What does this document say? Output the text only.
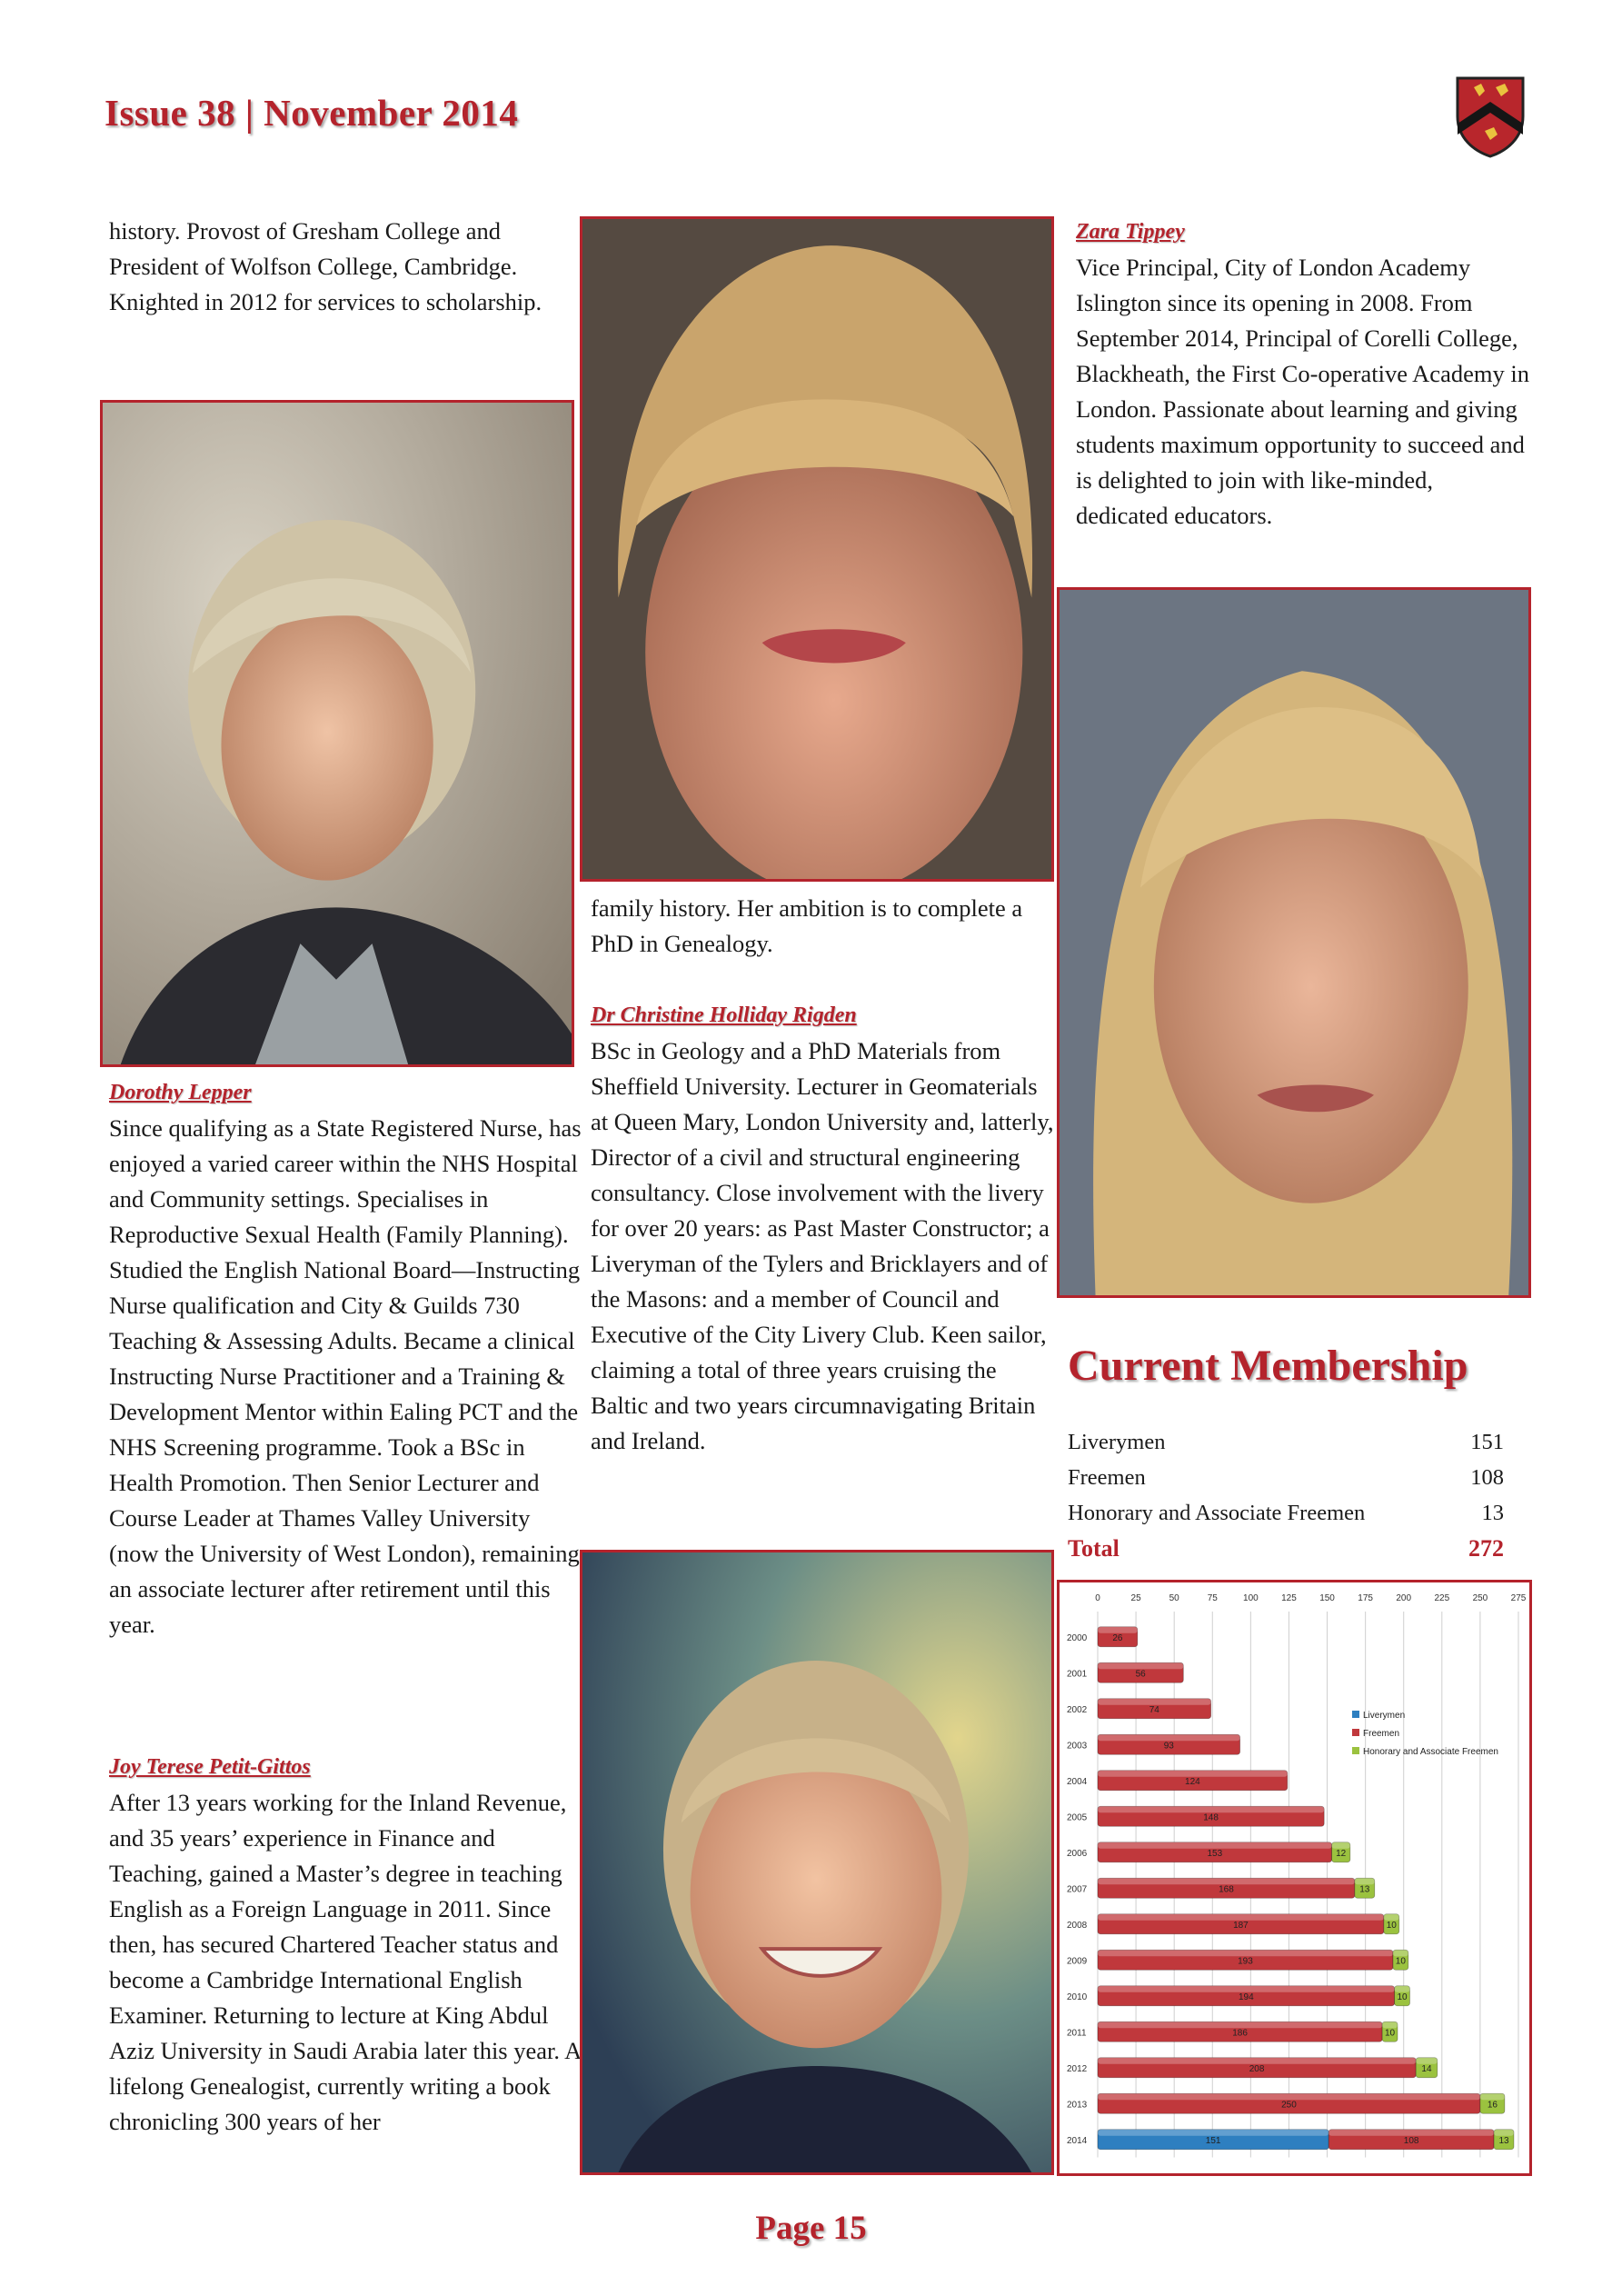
Issue 38 | November 2014

history. Provost of Gresham College and President of Wolfson College, Cambridge. Knighted in 2012 for services to scholarship.

Dorothy Lepper

Since qualifying as a State Registered Nurse, has enjoyed a varied career within the NHS Hospital and Community settings. Specialises in Reproductive Sexual Health (Family Planning). Studied the English National Board—Instructing Nurse qualification and City & Guilds 730 Teaching & Assessing Adults. Became a clinical Instructing Nurse Practitioner and a Training & Development Mentor within Ealing PCT and the NHS Screening programme. Took a BSc in Health Promotion. Then Senior Lecturer and Course Leader at Thames Valley University (now the University of West London), remaining an associate lecturer after retirement until this year.

Joy Terese Petit-Gittos

After 13 years working for the Inland Revenue, and 35 years’ experience in Finance and Teaching, gained a Master’s degree in teaching English as a Foreign Language in 2011. Since then, has secured Chartered Teacher status and become a Cambridge International English Examiner. Returning to lecture at King Abdul Aziz University in Saudi Arabia later this year. A lifelong Genealogist, currently writing a book chronicling 300 years of her

family history. Her ambition is to complete a PhD in Genealogy.

Dr Christine Holliday Rigden

BSc in Geology and a PhD Materials from Sheffield University. Lecturer in Geomaterials at Queen Mary, London University and, latterly, Director of a civil and structural engineering consultancy. Close involvement with the livery for over 20 years: as Past Master Constructor; a Liveryman of the Tylers and Bricklayers and of the Masons: and a member of Council and Executive of the City Livery Club. Keen sailor, claiming a total of three years cruising the Baltic and two years circumnavigating Britain and Ireland.

Zara Tippey

Vice Principal, City of London Academy Islington since its opening in 2008. From September 2014, Principal of Corelli College, Blackheath, the First Co-operative Academy in London. Passionate about learning and giving students maximum opportunity to succeed and is delighted to join with like-minded, dedicated educators.

Current Membership
Liverymen	151
Freemen	108
Honorary and Associate Freemen	13
Total	272
0	25	50	75	100	125	150	175	200	225	250	275
2000	26
2001	56
2002	74
2003	93
2004	124
2005	148
2006	153	12
2007	168	13
2008	187	10
2009	193	10
2010	194	10
2011	186	10
2012	208	14
2013	250	16
2014	151	108	13
Liverymen
Freemen
Honorary and Associate Freemen
Page 15
